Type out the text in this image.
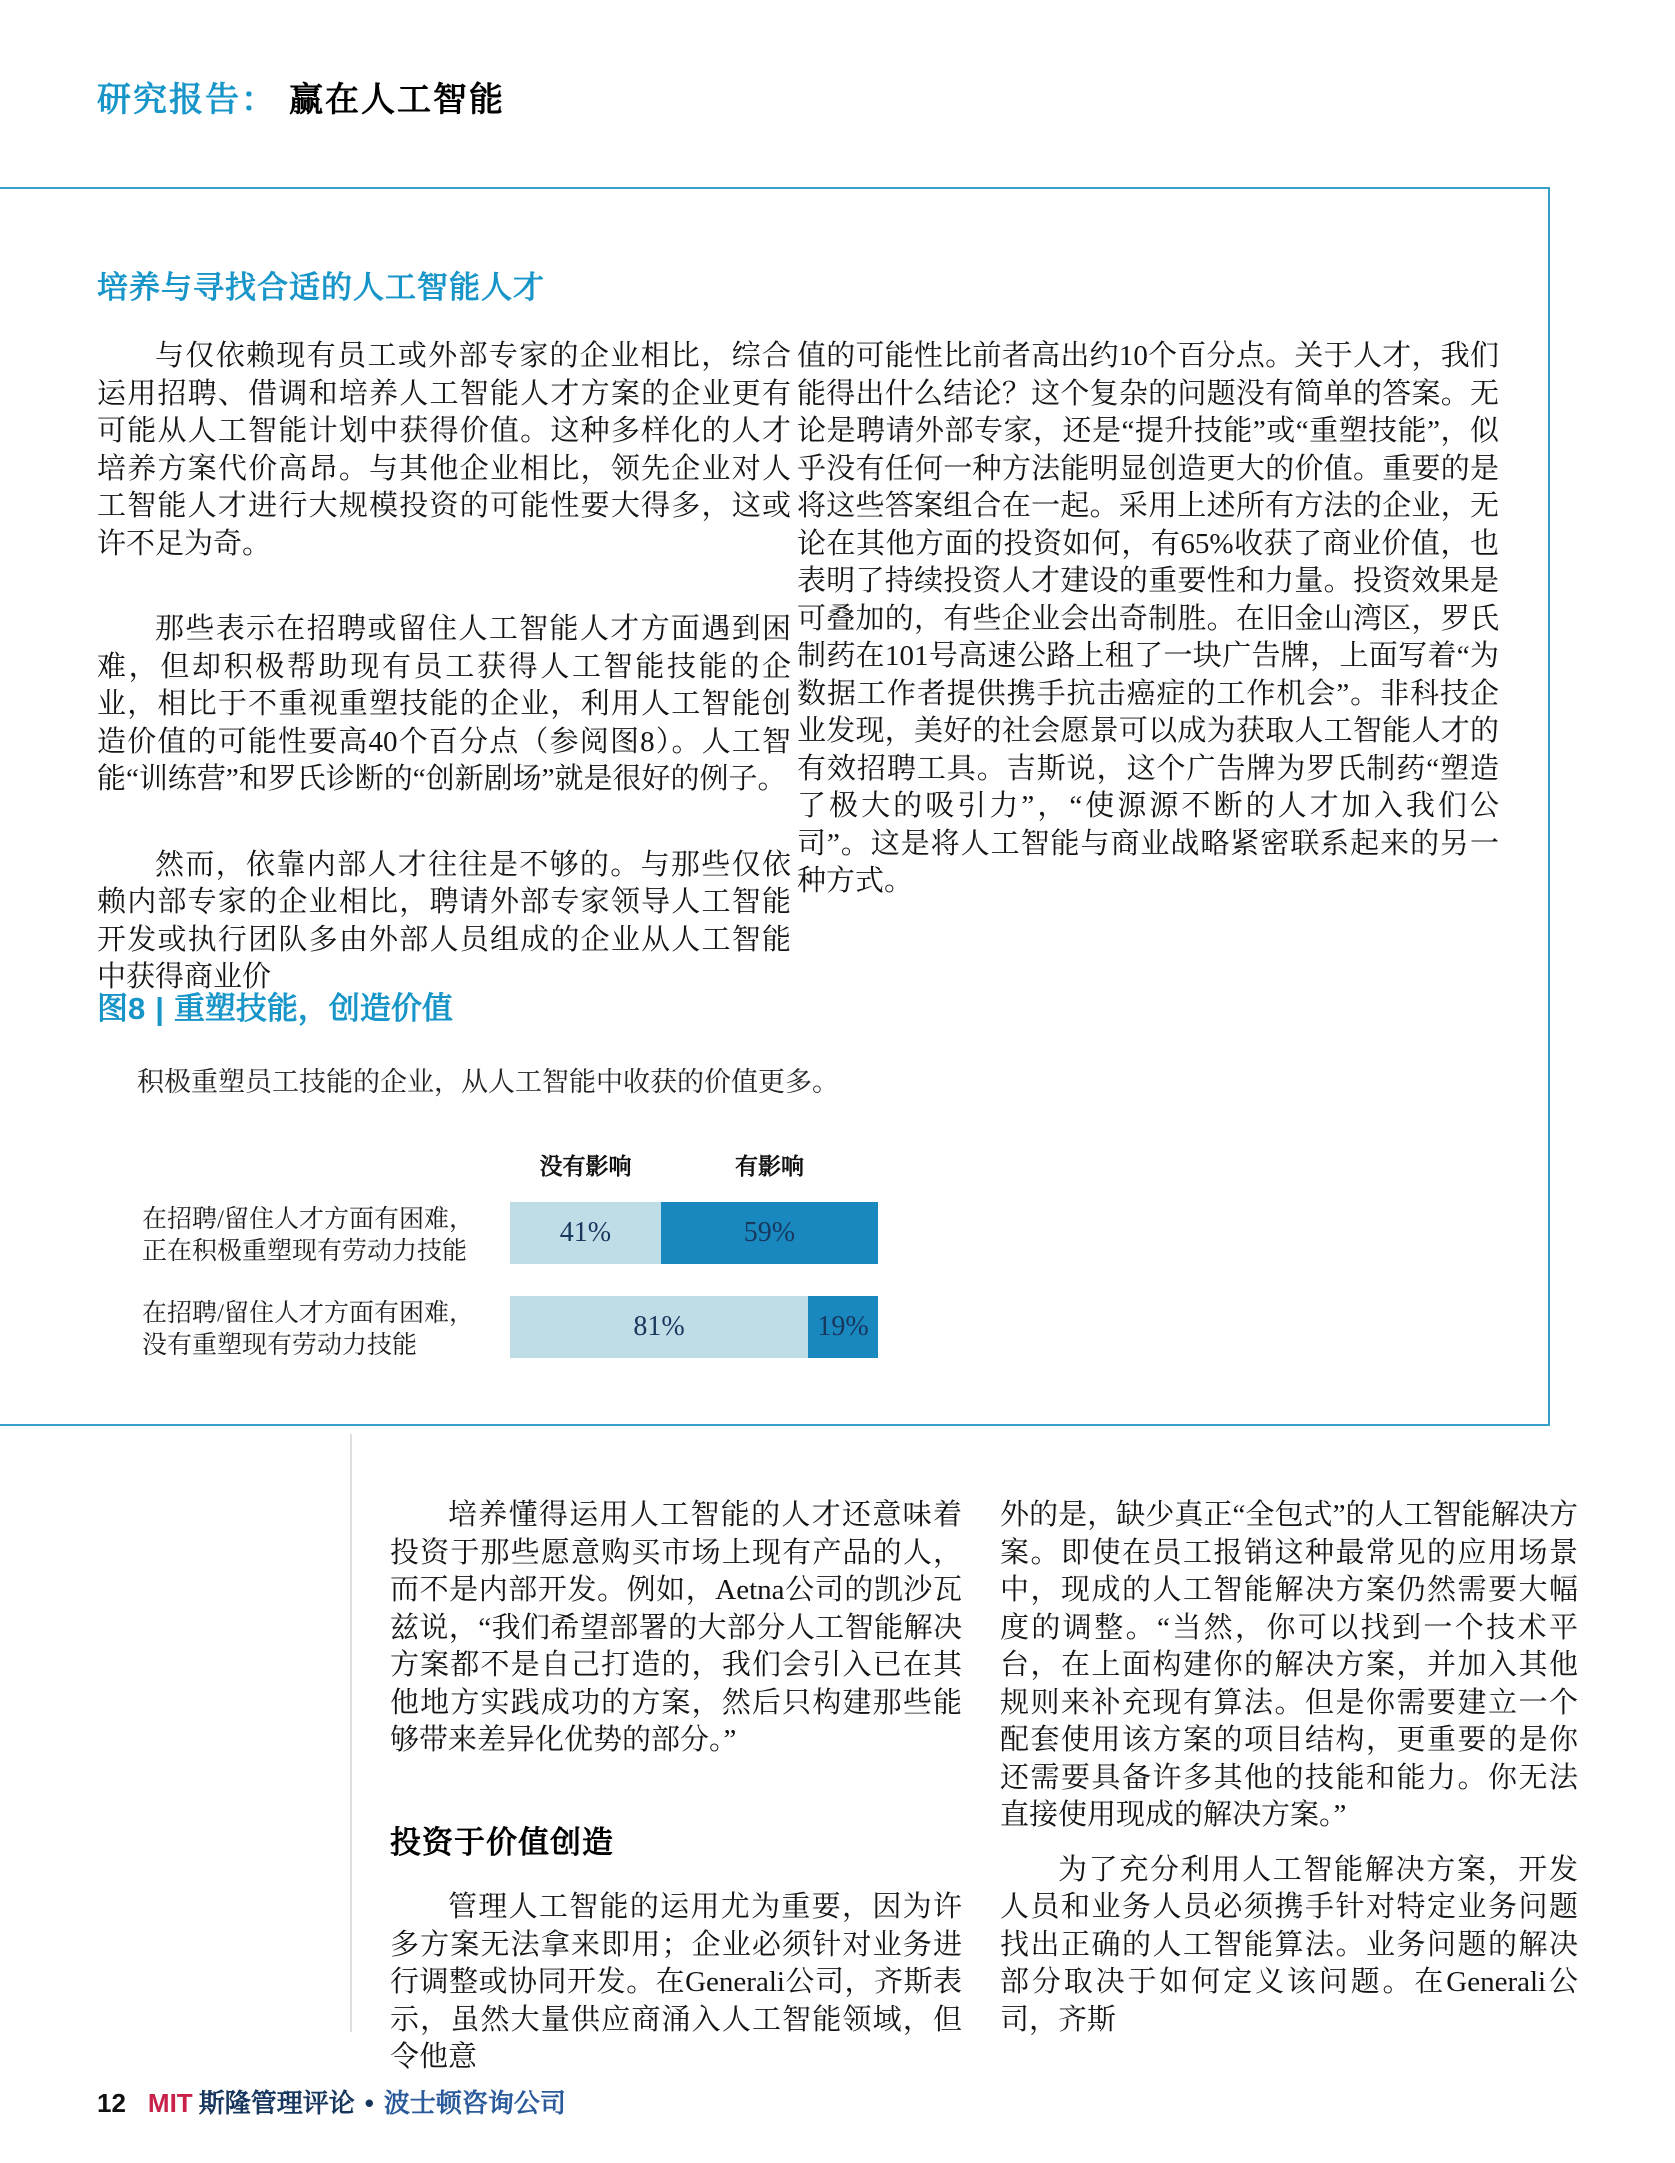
研究报告： 赢在人工智能
培养与寻找合适的人工智能人才

与仅依赖现有员工或外部专家的企业相比，综合运用招聘、借调和培养人工智能人才方案的企业更有可能从人工智能计划中获得价值。这种多样化的人才培养方案代价高昂。与其他企业相比，领先企业对人工智能人才进行大规模投资的可能性要大得多，这或许不足为奇。

那些表示在招聘或留住人工智能人才方面遇到困难，但却积极帮助现有员工获得人工智能技能的企业，相比于不重视重塑技能的企业，利用人工智能创造价值的可能性要高40个百分点（参阅图8）。人工智能“训练营”和罗氏诊断的“创新剧场”就是很好的例子。

然而，依靠内部人才往往是不够的。与那些仅依赖内部专家的企业相比，聘请外部专家领导人工智能开发或执行团队多由外部人员组成的企业从人工智能中获得商业价

值的可能性比前者高出约10个百分点。关于人才，我们能得出什么结论？这个复杂的问题没有简单的答案。无论是聘请外部专家，还是“提升技能”或“重塑技能”，似乎没有任何一种方法能明显创造更大的价值。重要的是将这些答案组合在一起。采用上述所有方法的企业，无论在其他方面的投资如何，有65%收获了商业价值，也表明了持续投资人才建设的重要性和力量。投资效果是可叠加的，有些企业会出奇制胜。在旧金山湾区，罗氏制药在101号高速公路上租了一块广告牌，上面写着“为数据工作者提供携手抗击癌症的工作机会”。非科技企业发现，美好的社会愿景可以成为获取人工智能人才的有效招聘工具。吉斯说，这个广告牌为罗氏制药“塑造了极大的吸引力”，“使源源不断的人才加入我们公司”。这是将人工智能与商业战略紧密联系起来的另一种方式。

图8 | 重塑技能，创造价值
积极重塑员工技能的企业，从人工智能中收获的价值更多。
没有影响	有影响
在招聘/留住人才方面有困难，
正在积极重塑现有劳动力技能
41%	59%
在招聘/留住人才方面有困难，
没有重塑现有劳动力技能
81%	19%

培养懂得运用人工智能的人才还意味着投资于那些愿意购买市场上现有产品的人，而不是内部开发。例如，Aetna公司的凯沙瓦兹说，“我们希望部署的大部分人工智能解决方案都不是自己打造的，我们会引入已在其他地方实践成功的方案，然后只构建那些能够带来差异化优势的部分。”

投资于价值创造

管理人工智能的运用尤为重要，因为许多方案无法拿来即用；企业必须针对业务进行调整或协同开发。在Generali公司，齐斯表示，虽然大量供应商涌入人工智能领域，但令他意

外的是，缺少真正“全包式”的人工智能解决方案。即使在员工报销这种最常见的应用场景中，现成的人工智能解决方案仍然需要大幅度的调整。“当然，你可以找到一个技术平台，在上面构建你的解决方案，并加入其他规则来补充现有算法。但是你需要建立一个配套使用该方案的项目结构，更重要的是你还需要具备许多其他的技能和能力。你无法直接使用现成的解决方案。”

为了充分利用人工智能解决方案，开发人员和业务人员必须携手针对特定业务问题找出正确的人工智能算法。业务问题的解决部分取决于如何定义该问题。在Generali公司，齐斯

12 MIT 斯隆管理评论 • 波士顿咨询公司
